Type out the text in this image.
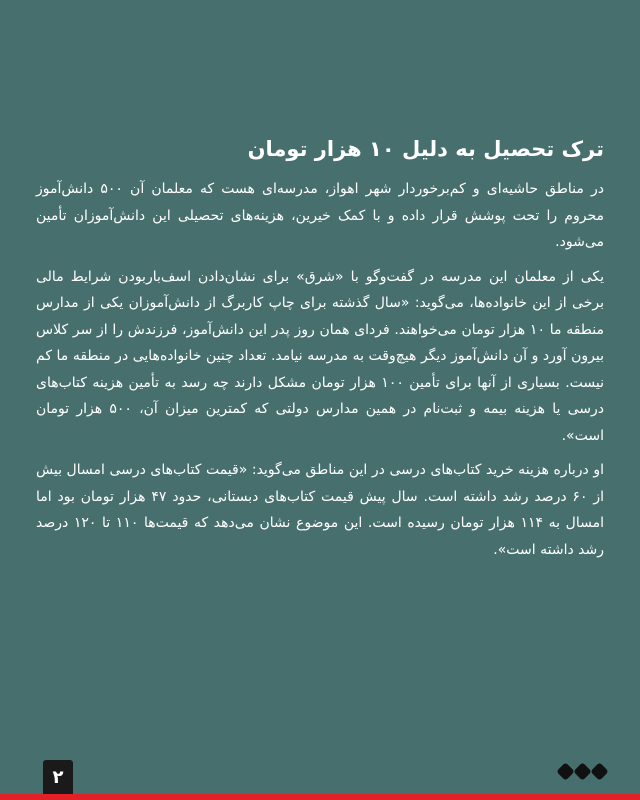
ترک تحصیل به دلیل ۱۰ هزار تومان

در مناطق حاشیه‌ای و کم‌برخوردار شهر اهواز، مدرسه‌ای هست که معلمان آن ۵۰۰ دانش‌آموز محروم را تحت پوشش قرار داده و با کمک خیرین، هزینه‌های تحصیلی این دانش‌آموزان تأمین می‌شود.

یکی از معلمان این مدرسه در گفت‌وگو با «شرق» برای نشان‌دادن اسف‌باربودن شرایط مالی برخی از این خانواده‌ها، می‌گوید: «سال گذشته برای چاپ کاربرگ از دانش‌آموزان یکی از مدارس منطقه ما ۱۰ هزار تومان می‌خواهند. فردای همان روز پدر این دانش‌آموز، فرزندش را از سر کلاس بیرون آورد و آن دانش‌آموز دیگر هیچ‌وقت به مدرسه نیامد. تعداد چنین خانواده‌هایی در منطقه ما کم نیست. بسیاری از آنها برای تأمین ۱۰۰ هزار تومان مشکل دارند چه رسد به تأمین هزینه کتاب‌های درسی یا هزینه بیمه و ثبت‌نام در همین مدارس دولتی که کمترین میزان آن، ۵۰۰ هزار تومان است».

او درباره هزینه خرید کتاب‌های درسی در این مناطق می‌گوید: «قیمت کتاب‌های درسی امسال بیش از ۶۰ درصد رشد داشته است. سال پیش قیمت کتاب‌های دبستانی، حدود ۴۷ هزار تومان بود اما امسال به ۱۱۴ هزار تومان رسیده است. این موضوع نشان می‌دهد که قیمت‌ها ۱۱۰ تا ۱۲۰ درصد رشد داشته است».

۲
